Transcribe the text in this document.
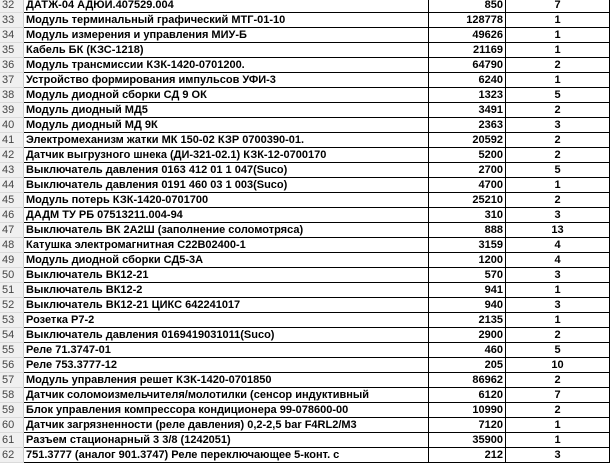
32	ДАТЖ-04 АДЮИ.407529.004	850	7
33	Модуль терминальный графический МТГ-01-10	128778	1
34	Модуль измерения и управления МИУ-Б	49626	1
35	Кабель БК (КЗС-1218)	21169	1
36	Модуль трансмиссии КЗК-1420-0701200.	64790	2
37	Устройство формирования импульсов УФИ-3	6240	1
38	Модуль диодной сборки СД 9 ОК	1323	5
39	Модуль диодный МД5	3491	2
40	Модуль диодный МД 9К	2363	3
41	Электромеханизм жатки МК 150-02 КЗР 0700390-01.	20592	2
42	Датчик выгрузного шнека (ДИ-321-02.1) КЗК-12-0700170	5200	2
43	Выключатель давления 0163 412 01 1 047(Suco)	2700	5
44	Выключатель давления 0191 460 03 1 003(Suco)	4700	1
45	Модуль потерь КЗК-1420-0701700	25210	2
46	ДАДМ ТУ РБ 07513211.004-94	310	3
47	Выключатель ВК 2А2Ш (заполнение соломотряса)	888	13
48	Катушка электромагнитная С22В02400-1	3159	4
49	Модуль диодной сборки СД5-3А	1200	4
50	Выключатель ВК12-21	570	3
51	Выключатель ВК12-2	941	1
52	Выключатель ВК12-21 ЦИКС 642241017	940	3
53	Розетка Р7-2	2135	1
54	Выключатель давления 0169419031011(Suco)	2900	2
55	Реле 71.3747-01	460	5
56	Реле 753.3777-12	205	10
57	Модуль управления решет КЗК-1420-0701850	86962	2
58	Датчик соломоизмельчителя/молотилки (сенсор индуктивный	6120	7
59	Блок управления компрессора кондиционера 99-078600-00	10990	2
60	Датчик загрязненности (реле давления) 0,2-2,5 bar F4RL2/M3	7120	1
61	Разъем стационарный 3 3/8 (1242051)	35900	1
62	751.3777 (аналог 901.3747) Реле переключающее 5-конт. с	212	3
